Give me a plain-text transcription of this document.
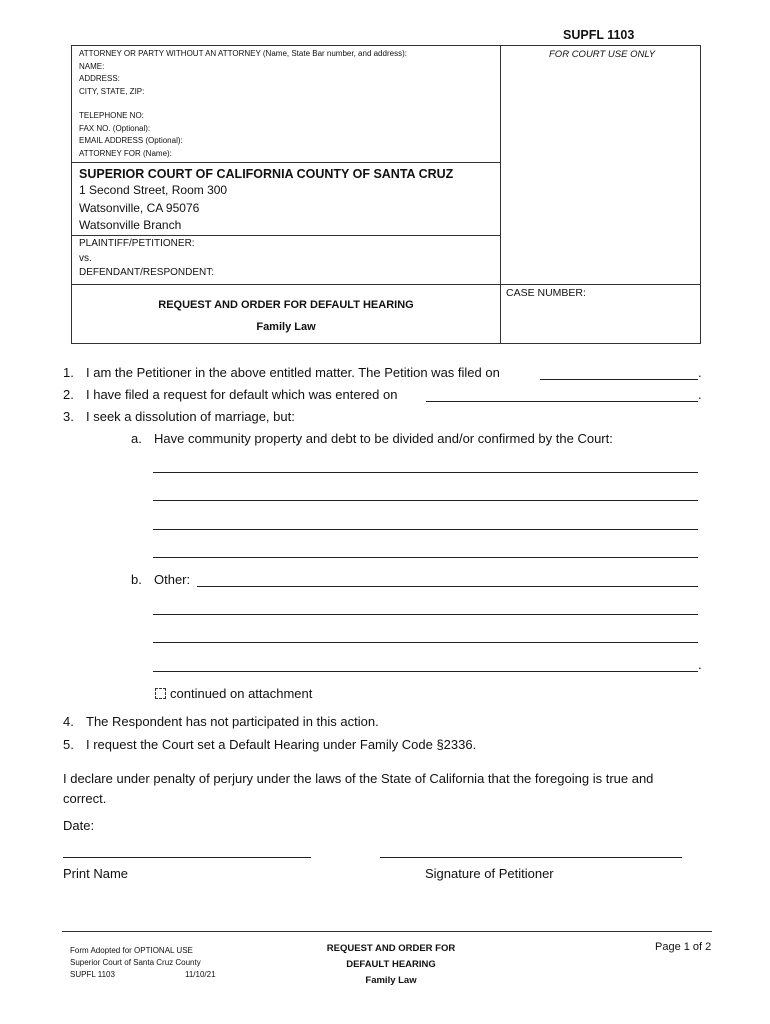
SUPFL 1103
FOR COURT USE ONLY
ATTORNEY OR PARTY WITHOUT AN ATTORNEY (Name, State Bar number, and address):
NAME:
ADDRESS:
CITY, STATE, ZIP:
TELEPHONE NO:
FAX NO. (Optional):
EMAIL ADDRESS (Optional):
ATTORNEY FOR (Name):
SUPERIOR COURT OF CALIFORNIA COUNTY OF SANTA CRUZ
1 Second Street, Room 300
Watsonville, CA 95076
Watsonville Branch
PLAINTIFF/PETITIONER:
vs.
DEFENDANT/RESPONDENT:
REQUEST AND ORDER FOR DEFAULT HEARING
Family Law
CASE NUMBER:
1. I am the Petitioner in the above entitled matter. The Petition was filed on	.
2. I have filed a request for default which was entered on	.
3. I seek a dissolution of marriage, but:
a. Have community property and debt to be divided and/or confirmed by the Court:
b. Other:
.
continued on attachment
4. The Respondent has not participated in this action.
5. I request the Court set a Default Hearing under Family Code §2336.
I declare under penalty of perjury under the laws of the State of California that the foregoing is true and
correct.
Date:
Print Name	Signature of Petitioner
Form Adopted for OPTIONAL USE
Superior Court of Santa Cruz County
SUPFL 1103	11/10/21
REQUEST AND ORDER FOR
DEFAULT HEARING
Family Law
Page 1 of 2
